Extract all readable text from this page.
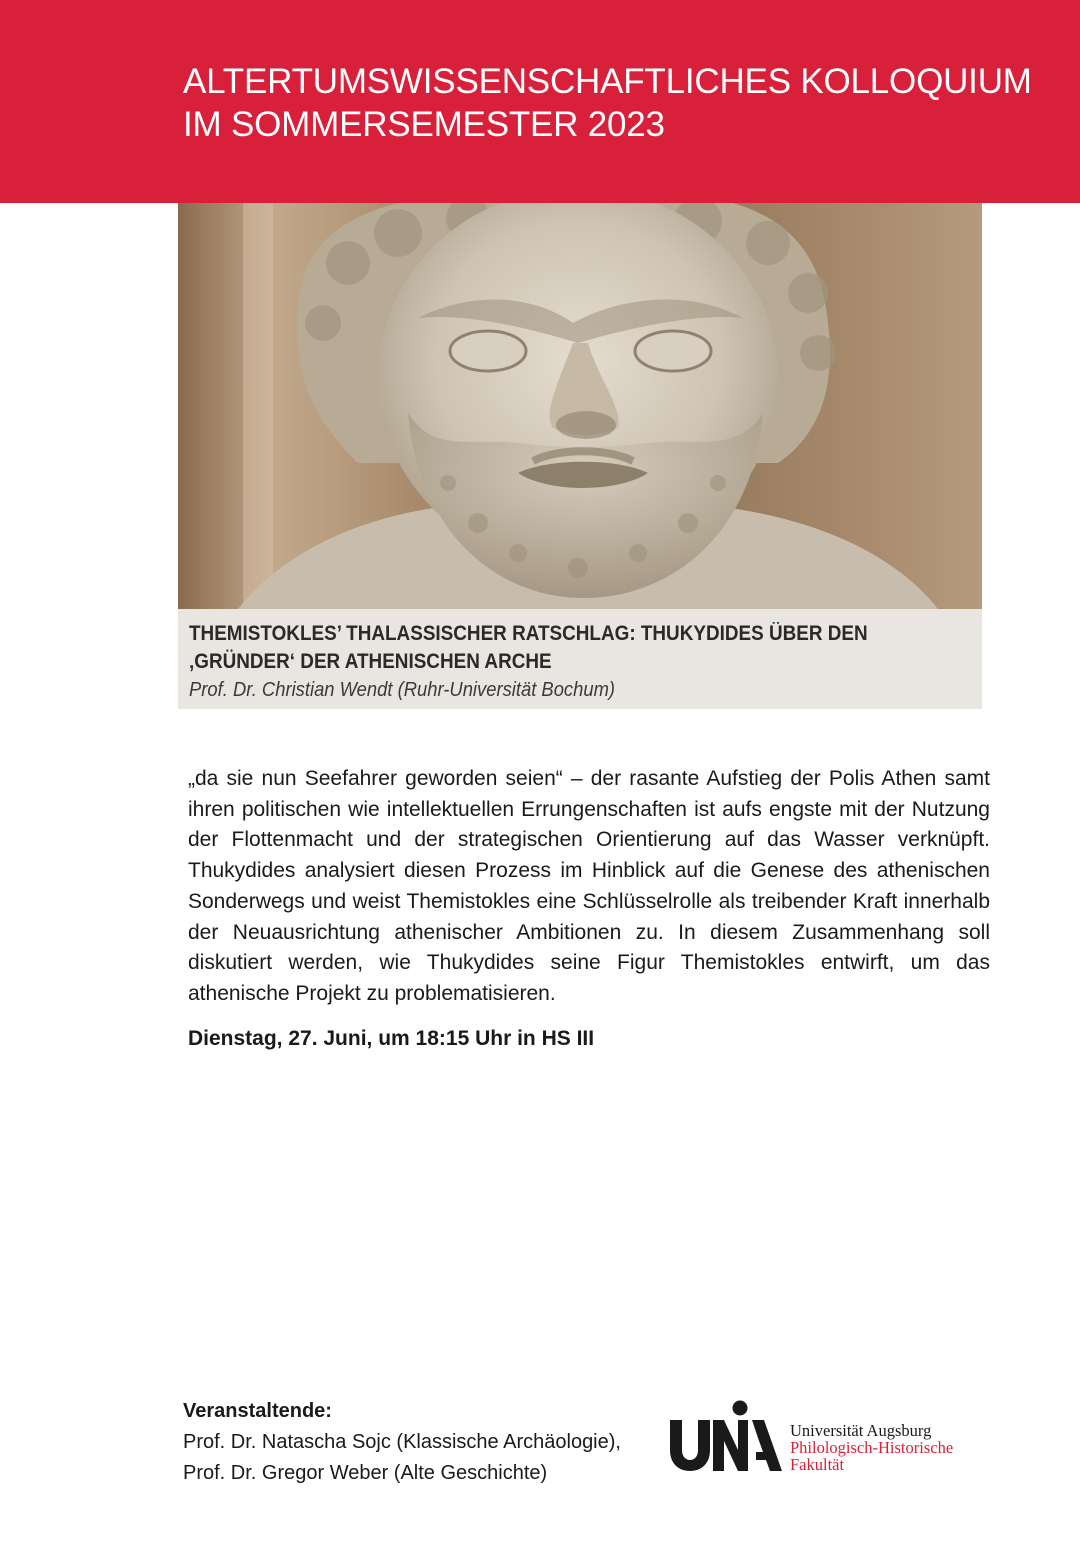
ALTERTUMSWISSENSCHAFTLICHES KOLLOQUIUM
IM SOMMERSEMESTER 2023
THEMISTOKLES’ THALASSISCHER RATSCHLAG: THUKYDIDES ÜBER DEN
‚GRÜNDER‘ DER ATHENISCHEN ARCHE
Prof. Dr. Christian Wendt (Ruhr-Universität Bochum)

„da sie nun Seefahrer geworden seien“ – der rasante Aufstieg der Polis Athen samt ihren politischen wie intellektuellen Errungenschaften ist aufs engste mit der Nutzung der Flottenmacht und der strategischen Orientierung auf das Wasser verknüpft. Thukydides analysiert diesen Prozess im Hinblick auf die Genese des athenischen Sonderwegs und weist Themistokles eine Schlüsselrolle als treibender Kraft innerhalb der Neuausrichtung athenischer Ambitionen zu. In diesem Zusammenhang soll diskutiert werden, wie Thukydides seine Figur Themistokles entwirft, um das athenische Projekt zu problematisieren.

Dienstag, 27. Juni, um 18:15 Uhr in HS III

Veranstaltende:
Prof. Dr. Natascha Sojc (Klassische Archäologie),
Prof. Dr. Gregor Weber (Alte Geschichte)
Universität Augsburg
Philologisch-Historische
Fakultät
